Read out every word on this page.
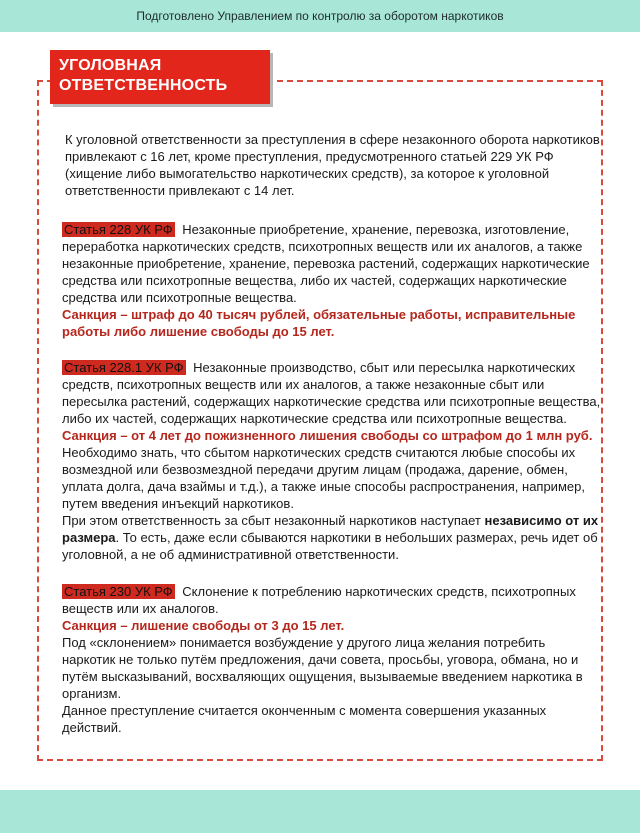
Подготовлено Управлением по контролю за оборотом наркотиков
УГОЛОВНАЯ
ОТВЕТСТВЕННОСТЬ

К уголовной ответственности за преступления в сфере незаконного оборота наркотиков привлекают с 16 лет, кроме преступления, предусмотренного статьей 229 УК РФ (хищение либо вымогательство наркотических средств), за которое к уголовной ответственности привлекают с 14 лет.

Статья 228 УК РФ Незаконные приобретение, хранение, перевозка, изготовление, переработка наркотических средств, психотропных веществ или их аналогов, а также незаконные приобретение, хранение, перевозка растений, содержащих наркотические средства или психотропные вещества, либо их частей, содержащих наркотические средства или психотропные вещества.

Санкция – штраф до 40 тысяч рублей, обязательные работы, исправительные работы либо лишение свободы до 15 лет.

Статья 228.1 УК РФ Незаконные производство, сбыт или пересылка наркотических средств, психотропных веществ или их аналогов, а также незаконные сбыт или пересылка растений, содержащих наркотические средства или психотропные вещества, либо их частей, содержащих наркотические средства или психотропные вещества.

Санкция – от 4 лет до пожизненного лишения свободы со штрафом до 1 млн руб.

Необходимо знать, что сбытом наркотических средств считаются любые способы их возмездной или безвозмездной передачи другим лицам (продажа, дарение, обмен, уплата долга, дача взаймы и т.д.), а также иные способы распространения, например, путем введения инъекций наркотиков.

При этом ответственность за сбыт незаконный наркотиков наступает независимо от их размера. То есть, даже если сбываются наркотики в небольших размерах, речь идет об уголовной, а не об административной ответственности.

Статья 230 УК РФ Склонение к потреблению наркотических средств, психотропных веществ или их аналогов.

Санкция – лишение свободы от 3 до 15 лет.

Под «склонением» понимается возбуждение у другого лица желания потребить наркотик не только путём предложения, дачи совета, просьбы, уговора, обмана, но и путём высказываний, восхваляющих ощущения, вызываемые введением наркотика в организм.

Данное преступление считается оконченным с момента совершения указанных действий.
